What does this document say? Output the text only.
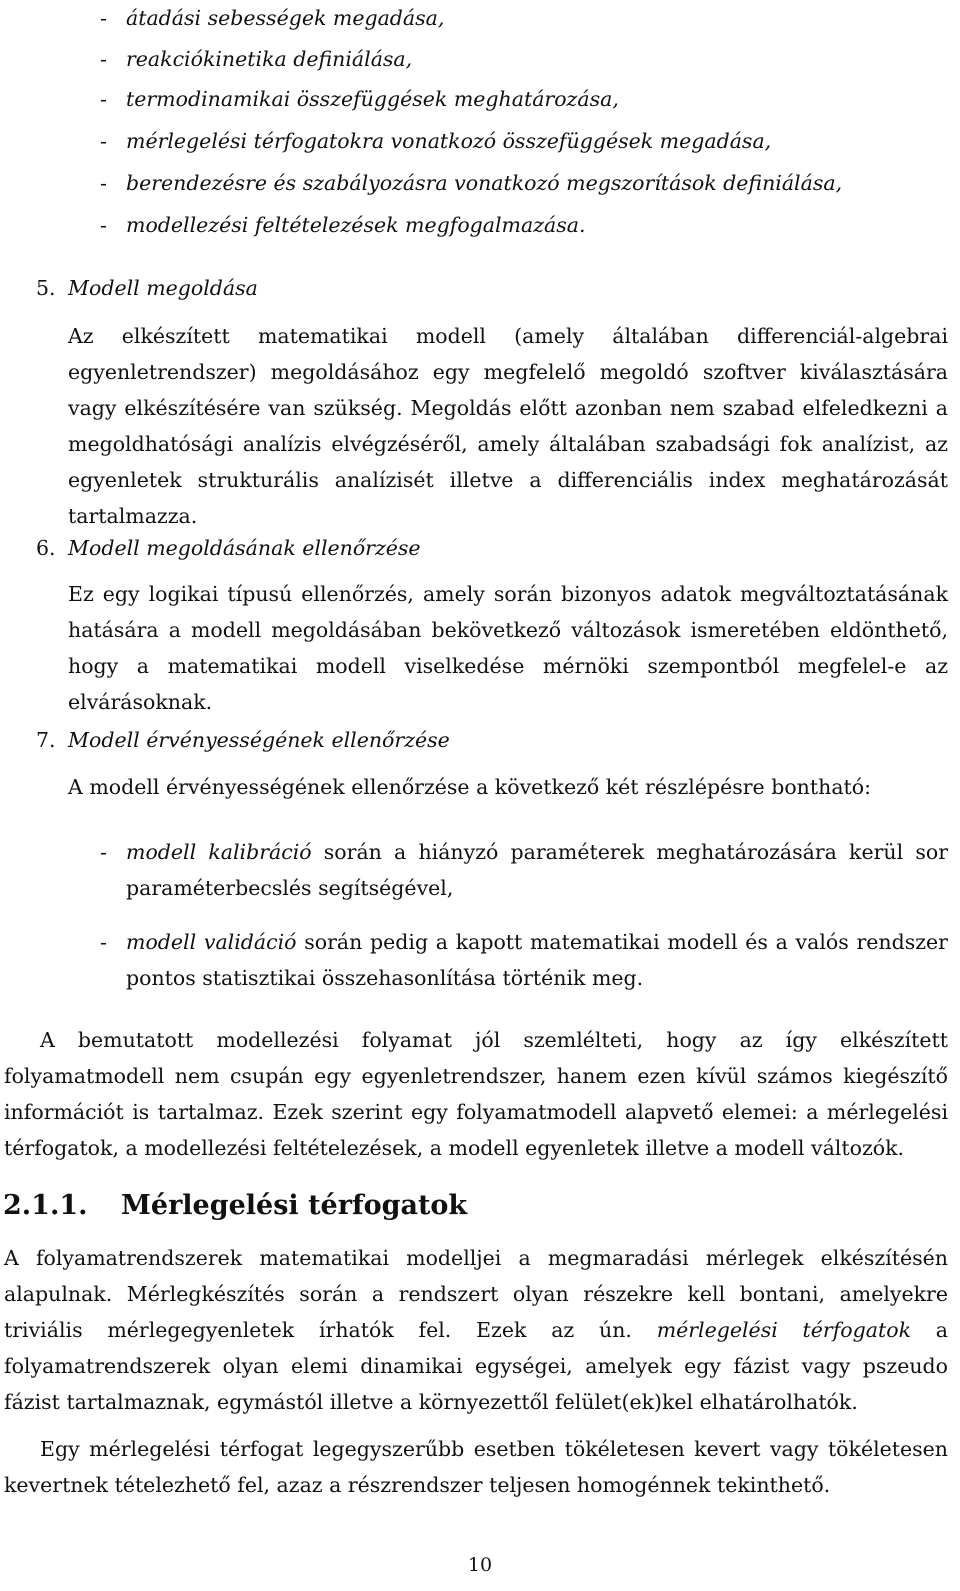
- átadási sebességek megadása,
- reakciókinetika definiálása,
- termodinamikai összefüggések meghatározása,
- mérlegelési térfogatokra vonatkozó összefüggések megadása,
- berendezésre és szabályozásra vonatkozó megszorítások definiálása,
- modellezési feltételezések megfogalmazása.
5. Modell megoldása

Az elkészített matematikai modell (amely általában differenciál-algebrai egyenletrendszer) megoldásához egy megfelelő megoldó szoftver kiválasztására vagy elkészítésére van szükség. Megoldás előtt azonban nem szabad elfeledkezni a megoldhatósági analízis elvégzéséről, amely általában szabadsági fok analízist, az egyenletek strukturális analízisét illetve a differenciális index meghatározását tartalmazza.

6. Modell megoldásának ellenőrzése

Ez egy logikai típusú ellenőrzés, amely során bizonyos adatok megváltoztatásának hatására a modell megoldásában bekövetkező változások ismeretében eldönthető, hogy a matematikai modell viselkedése mérnöki szempontból megfelel-e az elvárásoknak.

7. Modell érvényességének ellenőrzése

A modell érvényességének ellenőrzése a következő két részlépésre bontható:

- modell kalibráció során a hiányzó paraméterek meghatározására kerül sor paraméterbecslés segítségével,
- modell validáció során pedig a kapott matematikai modell és a valós rendszer pontos statisztikai összehasonlítása történik meg.

A bemutatott modellezési folyamat jól szemlélteti, hogy az így elkészített folyamatmodell nem csupán egy egyenletrendszer, hanem ezen kívül számos kiegészítő információt is tartalmaz. Ezek szerint egy folyamatmodell alapvető elemei: a mérlegelési térfogatok, a modellezési feltételezések, a modell egyenletek illetve a modell változók.

2.1.1. Mérlegelési térfogatok

A folyamatrendszerek matematikai modelljei a megmaradási mérlegek elkészítésén alapulnak. Mérlegkészítés során a rendszert olyan részekre kell bontani, amelyekre triviális mérlegegyenletek írhatók fel. Ezek az ún. mérlegelési térfogatok a folyamatrendszerek olyan elemi dinamikai egységei, amelyek egy fázist vagy pszeudo fázist tartalmaznak, egymástól illetve a környezettől felület(ek)kel elhatárolhatók.

Egy mérlegelési térfogat legegyszerűbb esetben tökéletesen kevert vagy tökéletesen kevertnek tételezhető fel, azaz a részrendszer teljesen homogénnek tekinthető.

10
